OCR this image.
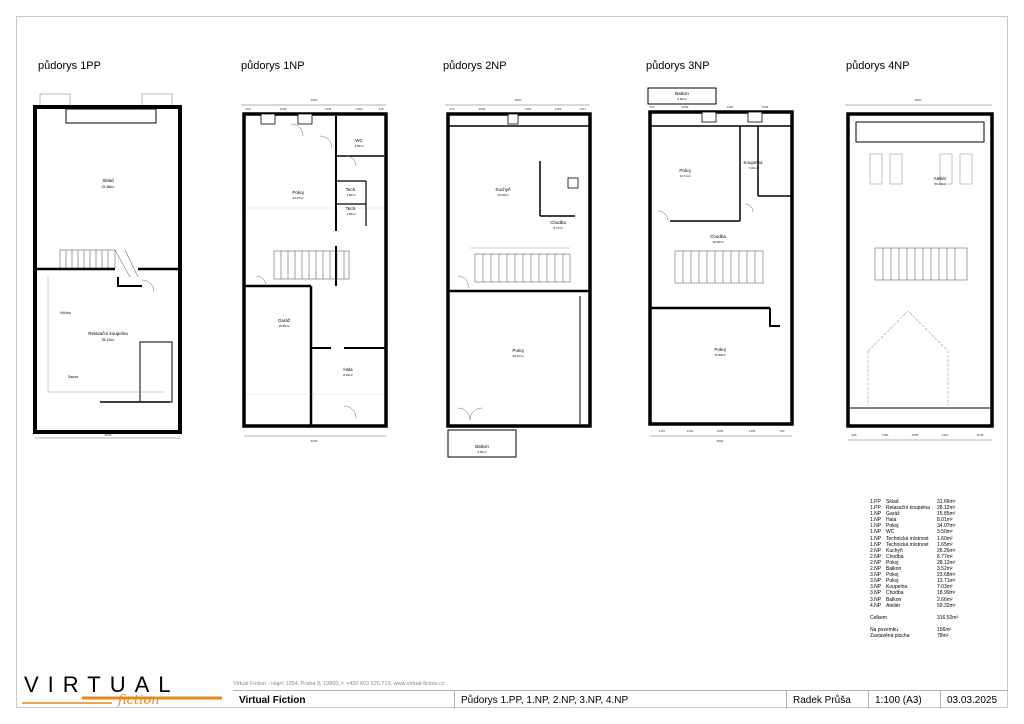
půdorys 1PP
6000
Sklad
31.66m²
Relaxační koupelna
28.12m²
Vířivka
Sauna
půdorys 1NP
6000
436	2208	1446	1464	446
6000
WC
3.50m²
Pokoj
34.07m²
Tech.
1.60m²
Tech.
1.65m²
Garáž
15.85m²
Hala
8.01m²
půdorys 2NP
6000
474	2005	1464	1464	1417
Kuchyň
26.26m²
Chodba
8.77m²
Pokoj
28.12m²
Balkon
3.52m²
půdorys 3NP
Balkon
2.66m²
510	2200	1460	1425
1115	1440	1250	1453	760
6000
Pokoj
13.71m²
Koupelna
7.03m²
Chodba
18.99m²
Pokoj
23.68m²
půdorys 4NP
6000
405	1450	1555	1415	1645
Ateliér
59.32m²
1.PP	Sklad	31.66m²
1.PP	Relaxační koupelna	28.12m²
1.NP Garáž	15.85m²
1.NP Hala	8.01m²
1.NP Pokoj	34.07m²
1.NP WC	3.50m²
1.NP Technická místnost	1.60m²
1.NP Technická místnost	1.65m²
2.NP Kuchyň	26.26m²
2.NP Chodba	8.77m²
2.NP Pokoj	28.12m²
2.NP Balkon	3.52m²
3.NP Pokoj	23.68m²
3.NP Pokoj	13.71m²
3.NP Koupelna	7.03m²
3.NP Chodba	18.99m²
3.NP Balkon	2.66m²
4.NP Ateliér	59.32m²
Celkem	316.52m²
Na pozemku	156m²
Zastavěná plocha	78m²
VIRTUAL
fiction
Virtual Fiction - Hajní 1354, Praha 9, 19800, t: +420 603 520 719, www.virtual-fiction.cz
Virtual Fiction	Půdorys 1.PP, 1.NP, 2.NP, 3.NP, 4.NP	Radek Průša	1:100 (A3)	03.03.2025
